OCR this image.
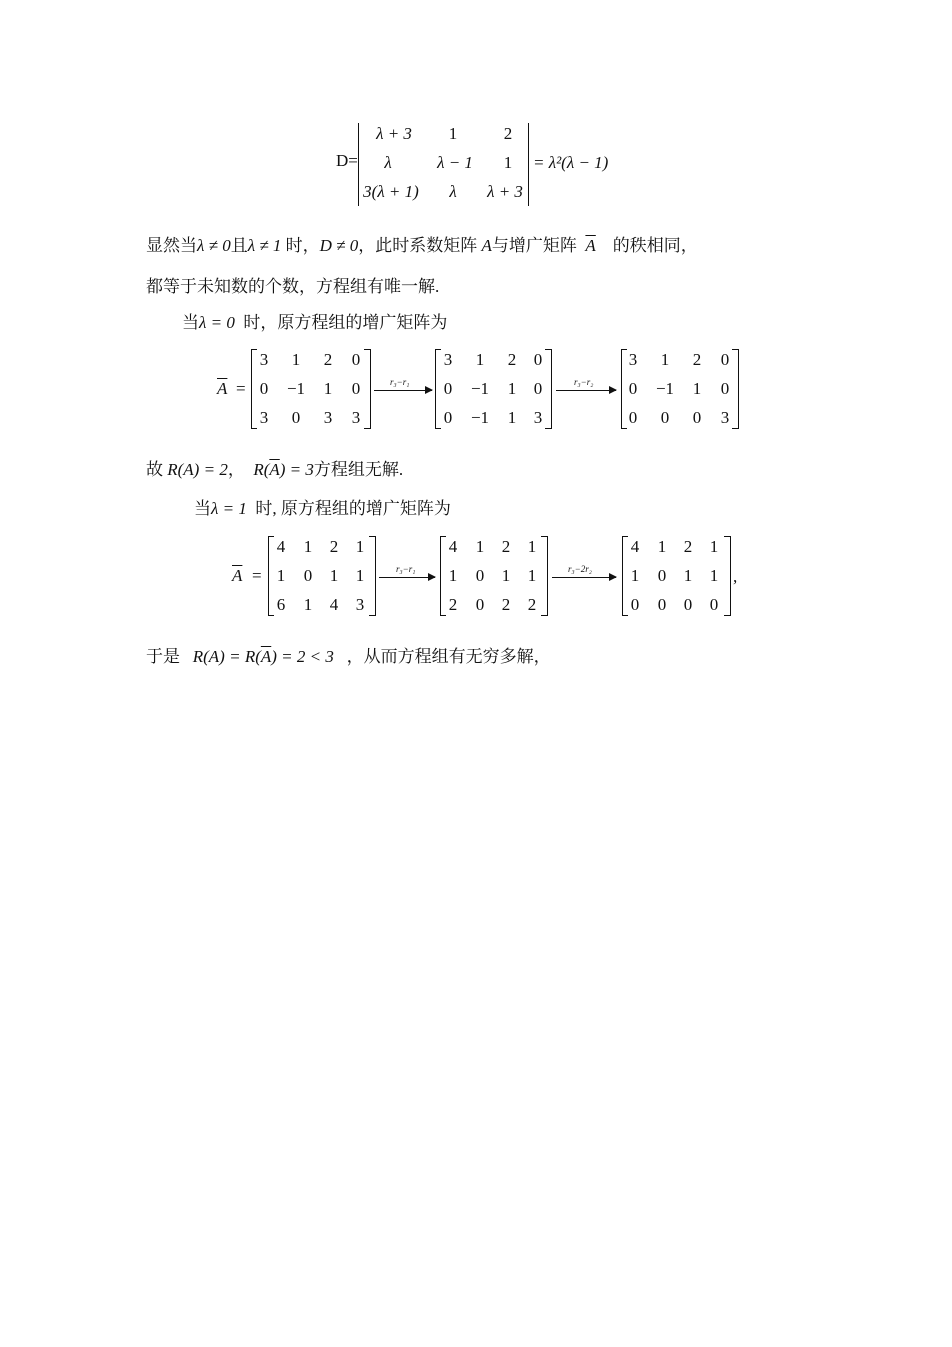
D=
λ + 3	1	2
λ	λ − 1	1
3(λ + 1)	λ	λ + 3
= λ²(λ − 1)
显然当λ ≠ 0且λ ≠ 1 时，D ≠ 0，此时系数矩阵 A与增广矩阵 $\overline{A}$ 的秩相同，
都等于未知数的个数，方程组有唯一解.
当λ = 0 时，原方程组的增广矩阵为
$\overline{A}$ =
3	1	2 0
0 −1 1 0
3	0	3 3
r₃−r₁
3	1	2 0
0 −1 1 0
0 −1 1 3
r₃−r₂
3	1	2 0
0 −1 1 0
0	0	0 3
故 R(A) = 2， $R(\overline{A}) = 3$方程组无解.
当λ = 1 时, 原方程组的增广矩阵为
$\overline{A}$ =
4 1 2 1
1 0 1 1
6 1 4 3
r₃−r₁
4 1 2 1
1 0 1 1
2 0 2 2
r₃−2r₂
4 1 2 1
1 0 1 1
0 0 0 0
,
于是 $R(A) = R(\overline{A}) = 2 < 3$ ，从而方程组有无穷多解，
